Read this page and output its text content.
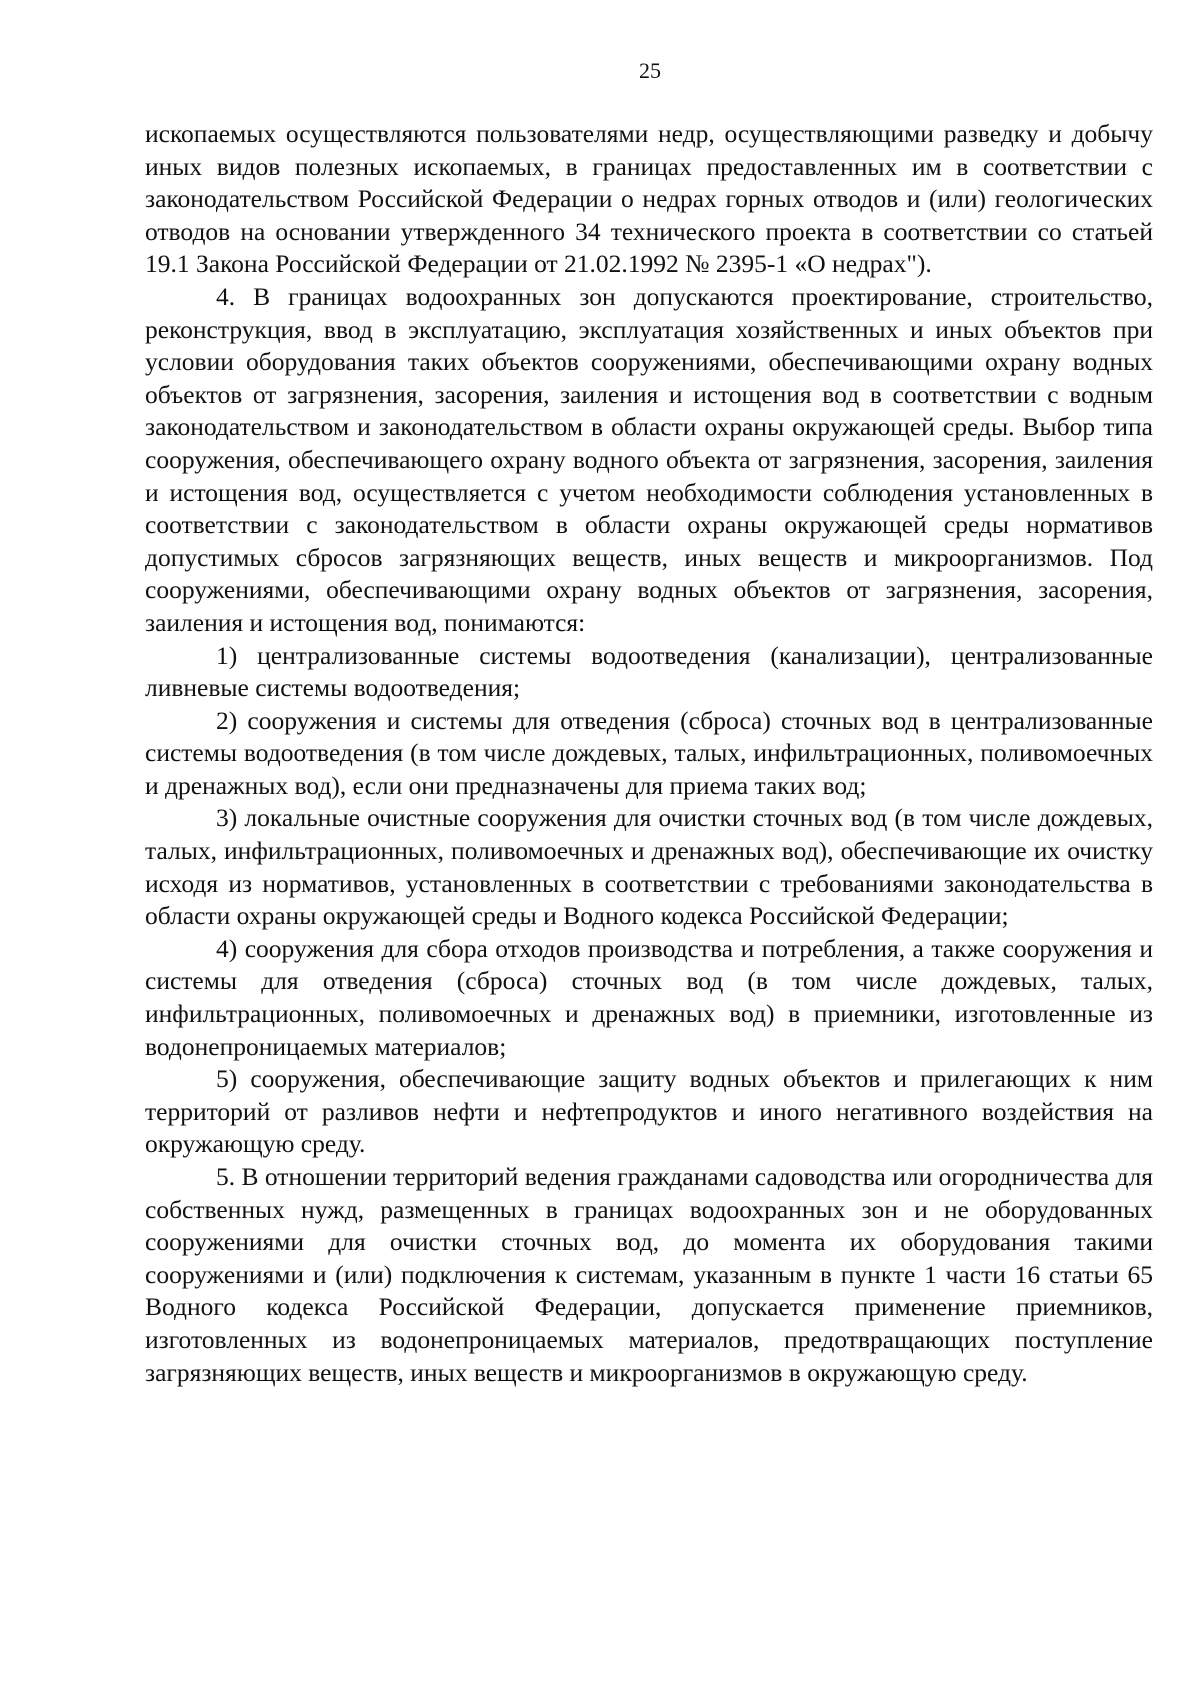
25

ископаемых осуществляются пользователями недр, осуществляющими разведку и добычу иных видов полезных ископаемых, в границах предоставленных им в соответствии с законодательством Российской Федерации о недрах горных отводов и (или) геологических отводов на основании утвержденного 34 технического проекта в соответствии со статьей 19.1 Закона Российской Федерации от 21.02.1992 № 2395-1 «О недрах").

4. В границах водоохранных зон допускаются проектирование, строительство, реконструкция, ввод в эксплуатацию, эксплуатация хозяйственных и иных объектов при условии оборудования таких объектов сооружениями, обеспечивающими охрану водных объектов от загрязнения, засорения, заиления и истощения вод в соответствии с водным законодательством и законодательством в области охраны окружающей среды. Выбор типа сооружения, обеспечивающего охрану водного объекта от загрязнения, засорения, заиления и истощения вод, осуществляется с учетом необходимости соблюдения установленных в соответствии с законодательством в области охраны окружающей среды нормативов допустимых сбросов загрязняющих веществ, иных веществ и микроорганизмов. Под сооружениями, обеспечивающими охрану водных объектов от загрязнения, засорения, заиления и истощения вод, понимаются:

1) централизованные системы водоотведения (канализации), централизованные ливневые системы водоотведения;

2) сооружения и системы для отведения (сброса) сточных вод в централизованные системы водоотведения (в том числе дождевых, талых, инфильтрационных, поливомоечных и дренажных вод), если они предназначены для приема таких вод;

3) локальные очистные сооружения для очистки сточных вод (в том числе дождевых, талых, инфильтрационных, поливомоечных и дренажных вод), обеспечивающие их очистку исходя из нормативов, установленных в соответствии с требованиями законодательства в области охраны окружающей среды и Водного кодекса Российской Федерации;

4) сооружения для сбора отходов производства и потребления, а также сооружения и системы для отведения (сброса) сточных вод (в том числе дождевых, талых, инфильтрационных, поливомоечных и дренажных вод) в приемники, изготовленные из водонепроницаемых материалов;

5) сооружения, обеспечивающие защиту водных объектов и прилегающих к ним территорий от разливов нефти и нефтепродуктов и иного негативного воздействия на окружающую среду.

5. В отношении территорий ведения гражданами садоводства или огородничества для собственных нужд, размещенных в границах водоохранных зон и не оборудованных сооружениями для очистки сточных вод, до момента их оборудования такими сооружениями и (или) подключения к системам, указанным в пункте 1 части 16 статьи 65 Водного кодекса Российской Федерации, допускается применение приемников, изготовленных из водонепроницаемых материалов, предотвращающих поступление загрязняющих веществ, иных веществ и микроорганизмов в окружающую среду.
